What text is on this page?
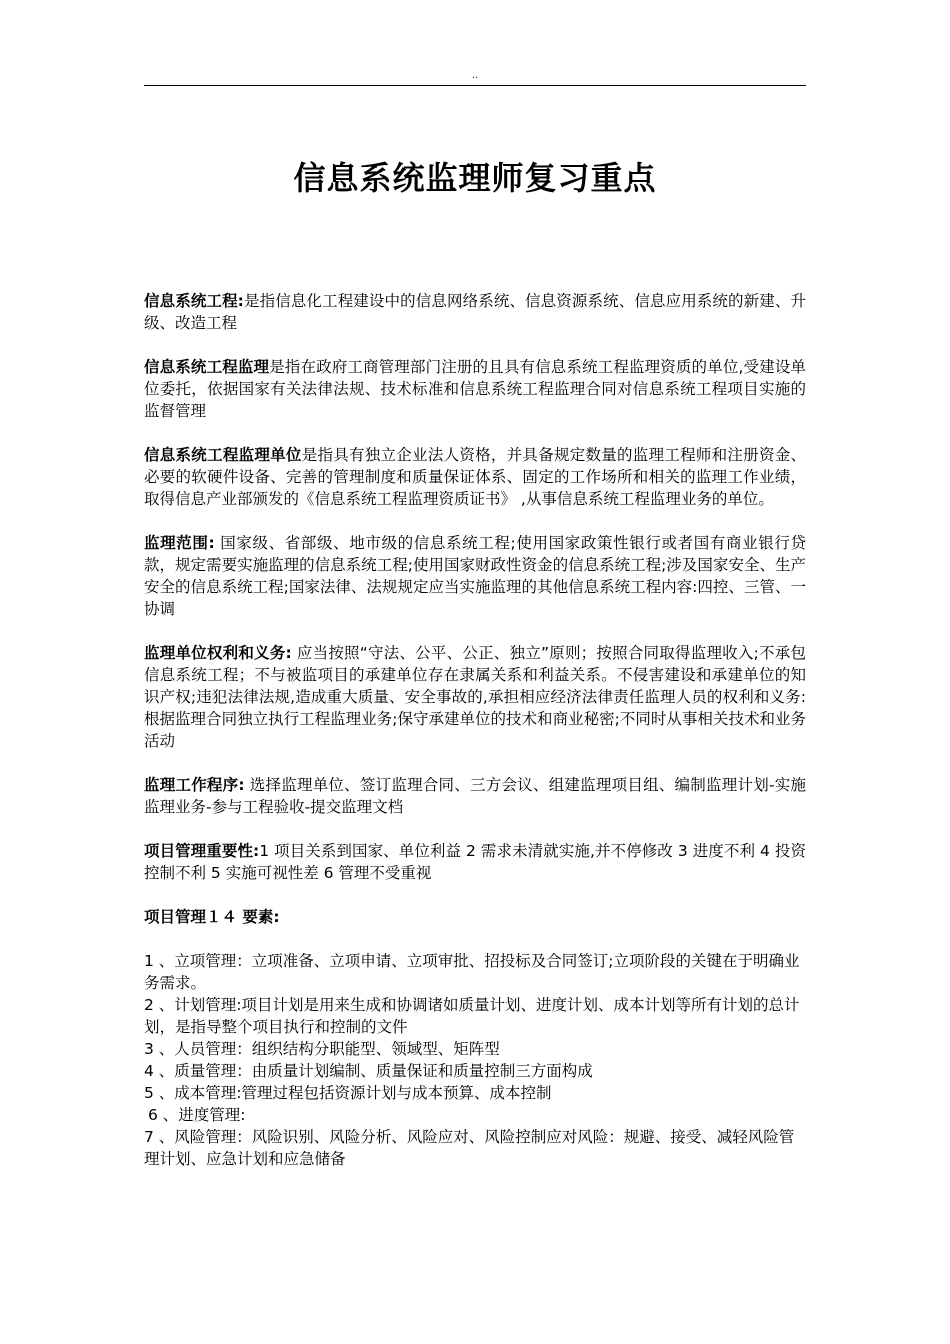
..
信息系统监理师复习重点

信息系统工程:是指信息化工程建设中的信息网络系统、信息资源系统、信息应用系统的新建、升级、改造工程

信息系统工程监理是指在政府工商管理部门注册的且具有信息系统工程监理资质的单位,受建设单位委托，依据国家有关法律法规、技术标准和信息系统工程监理合同对信息系统工程项目实施的监督管理

信息系统工程监理单位是指具有独立企业法人资格，并具备规定数量的监理工程师和注册资金、必要的软硬件设备、完善的管理制度和质量保证体系、固定的工作场所和相关的监理工作业绩，取得信息产业部颁发的《信息系统工程监理资质证书》 ,从事信息系统工程监理业务的单位。

监理范围: 国家级、省部级、地市级的信息系统工程;使用国家政策性银行或者国有商业银行贷款，规定需要实施监理的信息系统工程;使用国家财政性资金的信息系统工程;涉及国家安全、生产安全的信息系统工程;国家法律、法规规定应当实施监理的其他信息系统工程内容:四控、三管、一协调

监理单位权利和义务: 应当按照“守法、公平、公正、独立”原则；按照合同取得监理收入;不承包信息系统工程；不与被监项目的承建单位存在隶属关系和利益关系。不侵害建设和承建单位的知识产权;违犯法律法规,造成重大质量、安全事故的,承担相应经济法律责任监理人员的权利和义务:根据监理合同独立执行工程监理业务;保守承建单位的技术和商业秘密;不同时从事相关技术和业务活动

监理工作程序: 选择监理单位、签订监理合同、三方会议、组建监理项目组、编制监理计划-实施监理业务-参与工程验收-提交监理文档

项目管理重要性:1 项目关系到国家、单位利益 2 需求未清就实施,并不停修改 3 进度不利 4 投资控制不利 5 实施可视性差 6 管理不受重视

项目管理１４ 要素:

1 、立项管理：立项准备、立项申请、立项审批、招投标及合同签订;立项阶段的关键在于明确业务需求。

2 、计划管理:项目计划是用来生成和协调诸如质量计划、进度计划、成本计划等所有计划的总计划，是指导整个项目执行和控制的文件

3 、人员管理：组织结构分职能型、领域型、矩阵型

4 、质量管理：由质量计划编制、质量保证和质量控制三方面构成

5 、成本管理:管理过程包括资源计划与成本预算、成本控制

6 、进度管理:

7 、风险管理：风险识别、风险分析、风险应对、风险控制应对风险：规避、接受、减轻风险管理计划、应急计划和应急储备
